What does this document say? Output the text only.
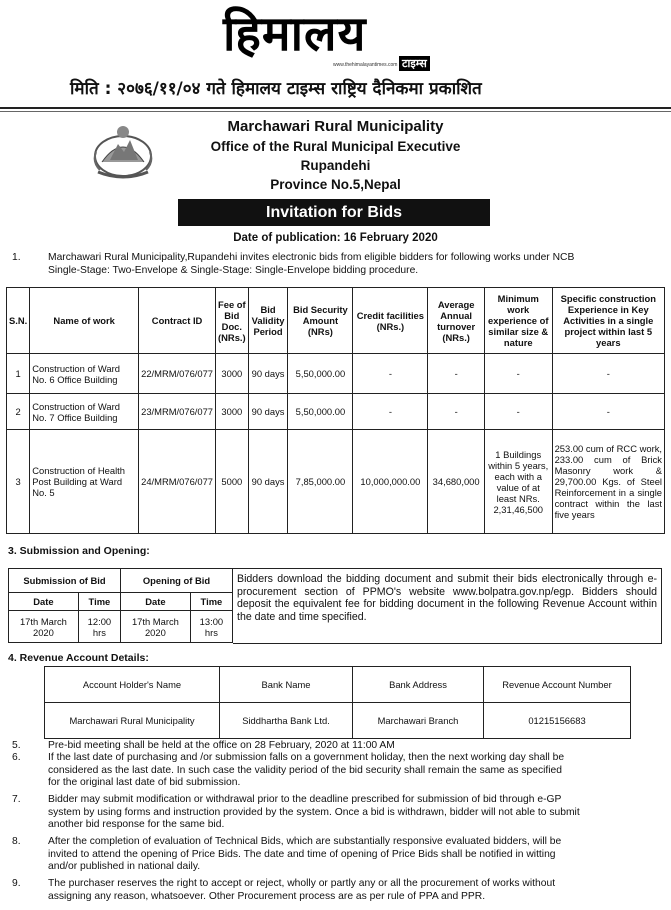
हिमालय
www.thehimalayantimes.com टाइम्स
मिति : २०७६/११/०४ गते हिमालय टाइम्स राष्ट्रिय दैनिकमा प्रकाशित
Marchawari Rural Municipality
Office of the Rural Municipal Executive
Rupandehi
Province No.5,Nepal
Invitation for Bids
Date of publication: 16 February 2020
1.	Marchawari Rural Municipality,Rupandehi invites electronic bids from eligible bidders for following works under NCB
Single-Stage: Two-Envelope & Single-Stage: Single-Envelope bidding procedure.
S.N.	Name of work	Contract ID	Fee of Bid Doc. (NRs.)	Bid Validity Period	Bid Security Amount (NRs)	Credit facilities (NRs.)	Average Annual turnover (NRs.)	Minimum work experience of similar size & nature	Specific construction Experience in Key Activities in a single project within last 5 years
1	Construction of Ward No. 6 Office Building	22/MRM/076/077	3000	90 days	5,50,000.00	-	-	-	-
2	Construction of Ward No. 7 Office Building	23/MRM/076/077	3000	90 days	5,50,000.00	-	-	-	-
3	Construction of Health Post Building at Ward No. 5	24/MRM/076/077	5000	90 days	7,85,000.00	10,000,000.00	34,680,000	1 Buildings within 5 years, each with a value of at least NRs. 2,31,46,500	253.00 cum of RCC work, 233.00 cum of Brick Masonry work & 29,700.00 Kgs. of Steel Reinforcement in a single contract within the last five years
3. Submission and Opening:
Submission of Bid		Opening of Bid	
Date	Time	Date	Time
17th March 2020	12:00 hrs	17th March 2020	13:00 hrs
Bidders download the bidding document and submit their bids electronically through e-procurement section of PPMO's website www.bolpatra.gov.np/egp. Bidders should deposit the equivalent fee for bidding document in the following Revenue Account within the date and time specified.
4. Revenue Account Details:
Account Holder's Name	Bank Name	Bank Address	Revenue Account Number
Marchawari Rural Municipality	Siddhartha Bank Ltd.	Marchawari Branch	01215156683
5.	Pre-bid meeting shall be held at the office on 28 February, 2020 at 11:00 AM
6.	If the last date of purchasing and /or submission falls on a government holiday, then the next working day shall be
considered as the last date. In such case the validity period of the bid security shall remain the same as specified
for the original last date of bid submission.
7.	Bidder may submit modification or withdrawal prior to the deadline prescribed for submission of bid through e-GP
system by using forms and instruction provided by the system. Once a bid is withdrawn, bidder will not able to submit
another bid response for the same bid.
8.	After the completion of evaluation of Technical Bids, which are substantially responsive evaluated bidders, will be
invited to attend the opening of Price Bids. The date and time of opening of Price Bids shall be notified in witting
and/or published in national daily.
9.	The purchaser reserves the right to accept or reject, wholly or partly any or all the procurement of works without
assigning any reason, whatsoever. Other Procurement process are as per rule of PPA and PPR.
